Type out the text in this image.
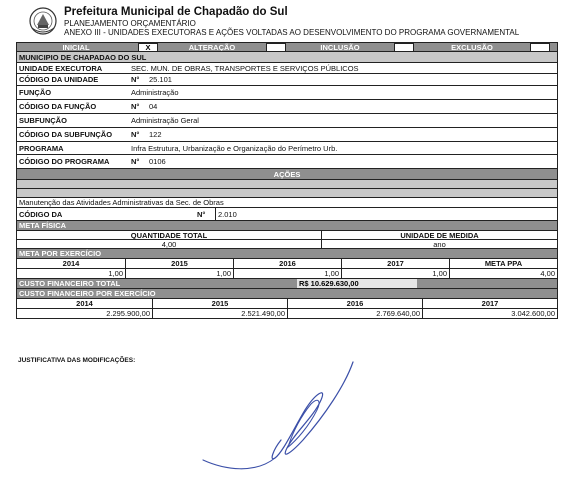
Prefeitura Municipal de Chapadão do Sul
PLANEJAMENTO ORÇAMENTÁRIO
ANEXO III - UNIDADES EXECUTORAS E AÇÕES VOLTADAS AO DESENVOLVIMENTO DO PROGRAMA GOVERNAMENTAL
INICIAL	X	ALTERAÇÃO	INCLUSÃO	EXCLUSÃO
MUNICIPIO DE CHAPADAO DO SUL
UNIDADE EXECUTORA	SEC. MUN. DE OBRAS, TRANSPORTES E SERVIÇOS PÚBLICOS
CÓDIGO DA UNIDADE	N°	25.101
FUNÇÃO	Administração
CÓDIGO DA FUNÇÃO	N°	04
SUBFUNÇÃO	Administração Geral
CÓDIGO DA SUBFUNÇÃO	N°	122
PROGRAMA	Infra Estrutura, Urbanização e Organização do Perímetro Urb.
CÓDIGO DO PROGRAMA	N°	0106
AÇÕES
Manutenção das Atividades Administrativas da Sec. de Obras
CÓDIGO DA	N°	2.010
META FÍSICA
QUANTIDADE TOTAL	UNIDADE DE MEDIDA
4,00	ano
META POR EXERCÍCIO
2014	2015	2016	2017	META PPA
1,00	1,00	1,00	1,00	4,00
CUSTO FINANCEIRO TOTAL	R$ 10.629.630,00
CUSTO FINANCEIRO POR EXERCÍCIO
2014	2015	2016	2017
2.295.900,00	2.521.490,00	2.769.640,00	3.042.600,00
JUSTIFICATIVA DAS MODIFICAÇÕES:
